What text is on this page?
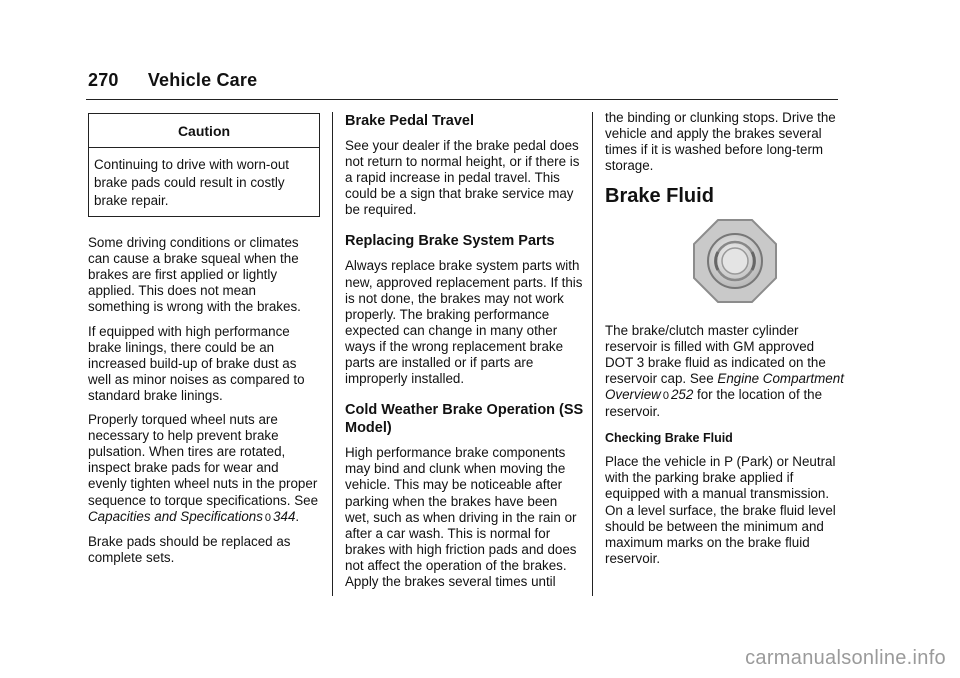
270 Vehicle Care
Caution
Continuing to drive with worn-out brake pads could result in costly brake repair.

Some driving conditions or climates can cause a brake squeal when the brakes are first applied or lightly applied. This does not mean something is wrong with the brakes.

If equipped with high performance brake linings, there could be an increased build-up of brake dust as well as minor noises as compared to standard brake linings.

Properly torqued wheel nuts are necessary to help prevent brake pulsation. When tires are rotated, inspect brake pads for wear and evenly tighten wheel nuts in the proper sequence to torque specifications. See Capacities and Specifications 0 344.

Brake pads should be replaced as complete sets.

Brake Pedal Travel

See your dealer if the brake pedal does not return to normal height, or if there is a rapid increase in pedal travel. This could be a sign that brake service may be required.

Replacing Brake System Parts

Always replace brake system parts with new, approved replacement parts. If this is not done, the brakes may not work properly. The braking performance expected can change in many other ways if the wrong replacement brake parts are installed or if parts are improperly installed.

Cold Weather Brake Operation (SS Model)

High performance brake components may bind and clunk when moving the vehicle. This may be noticeable after parking when the brakes have been wet, such as when driving in the rain or after a car wash. This is normal for brakes with high friction pads and does not affect the operation of the brakes. Apply the brakes several times until

the binding or clunking stops. Drive the vehicle and apply the brakes several times if it is washed before long-term storage.

Brake Fluid

The brake/clutch master cylinder reservoir is filled with GM approved DOT 3 brake fluid as indicated on the reservoir cap. See Engine Compartment Overview 0 252 for the location of the reservoir.

Checking Brake Fluid

Place the vehicle in P (Park) or Neutral with the parking brake applied if equipped with a manual transmission. On a level surface, the brake fluid level should be between the minimum and maximum marks on the brake fluid reservoir.

carmanualsonline.info
